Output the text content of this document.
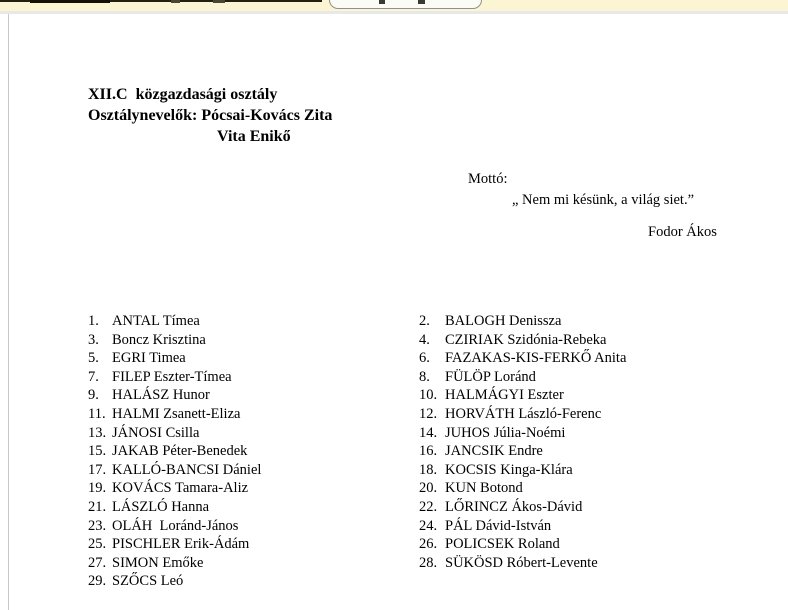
XII.C  közgazdasági osztály
Osztálynevelők: Pócsai-Kovács Zita
Vita Enikő
Mottó:
„ Nem mi késünk, a világ siet.”
Fodor Ákos
1. ANTAL Tímea
3. Boncz Krisztina
5. EGRI Timea
7. FILEP Eszter-Tímea
9. HALÁSZ Hunor
11. HALMI Zsanett-Eliza
13. JÁNOSI Csilla
15. JAKAB Péter-Benedek
17. KALLÓ-BANCSI Dániel
19. KOVÁCS Tamara-Aliz
21. LÁSZLÓ Hanna
23. OLÁH  Loránd-János
25. PISCHLER Erik-Ádám
27. SIMON Emőke
29. SZŐCS Leó
2. BALOGH Denissza
4. CZIRIAK Szidónia-Rebeka
6. FAZAKAS-KIS-FERKŐ Anita
8. FÜLÖP Loránd
10. HALMÁGYI Eszter
12. HORVÁTH László-Ferenc
14. JUHOS Júlia-Noémi
16. JANCSIK Endre
18. KOCSIS Kinga-Klára
20. KUN Botond
22. LŐRINCZ Ákos-Dávid
24. PÁL Dávid-István
26. POLICSEK Roland
28. SÜKÖSD Róbert-Levente
